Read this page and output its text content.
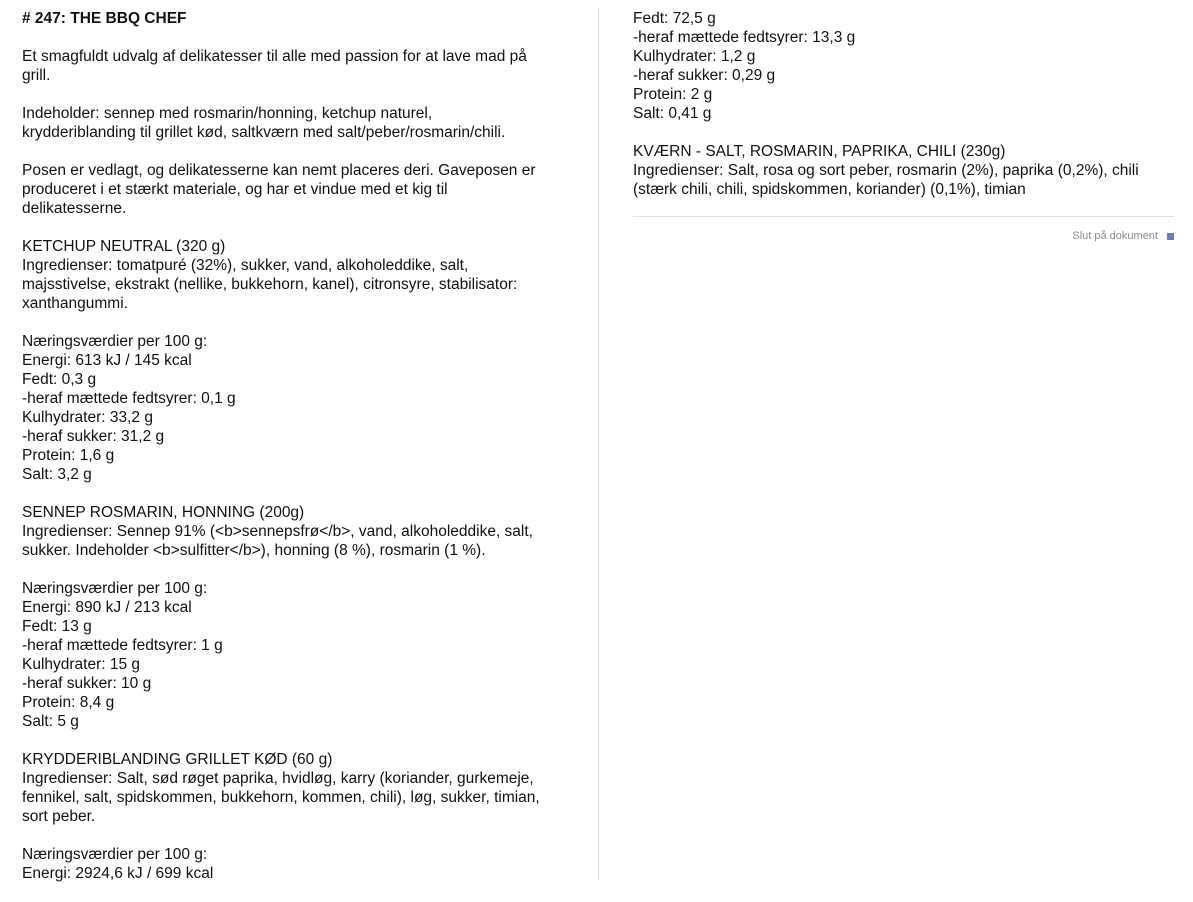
# 247: THE BBQ CHEF
Et smagfuldt udvalg af delikatesser til alle med passion for at lave mad på
grill.
Indeholder: sennep med rosmarin/honning, ketchup naturel,
krydderiblanding til grillet kød, saltkværn med salt/peber/rosmarin/chili.
Posen er vedlagt, og delikatesserne kan nemt placeres deri. Gaveposen er
produceret i et stærkt materiale, og har et vindue med et kig til
delikatesserne.
KETCHUP NEUTRAL (320 g)
Ingredienser: tomatpuré (32%), sukker, vand, alkoholeddike, salt,
majsstivelse, ekstrakt (nellike, bukkehorn, kanel), citronsyre, stabilisator:
xanthangummi.
Næringsværdier per 100 g:
Energi: 613 kJ / 145 kcal
Fedt: 0,3 g
-heraf mættede fedtsyrer: 0,1 g
Kulhydrater: 33,2 g
-heraf sukker: 31,2 g
Protein: 1,6 g
Salt: 3,2 g
SENNEP ROSMARIN, HONNING (200g)
Ingredienser: Sennep 91% (<b>sennepsfrø</b>, vand, alkoholeddike, salt,
sukker. Indeholder <b>sulfitter</b>), honning (8 %), rosmarin (1 %).
Næringsværdier per 100 g:
Energi: 890 kJ / 213 kcal
Fedt: 13 g
-heraf mættede fedtsyrer: 1 g
Kulhydrater: 15 g
-heraf sukker: 10 g
Protein: 8,4 g
Salt: 5 g
KRYDDERIBLANDING GRILLET KØD (60 g)
Ingredienser: Salt, sød røget paprika, hvidløg, karry (koriander, gurkemeje,
fennikel, salt, spidskommen, bukkehorn, kommen, chili), løg, sukker, timian,
sort peber.
Næringsværdier per 100 g:
Energi: 2924,6 kJ / 699 kcal
Fedt: 72,5 g
-heraf mættede fedtsyrer: 13,3 g
Kulhydrater: 1,2 g
-heraf sukker: 0,29 g
Protein: 2 g
Salt: 0,41 g
KVÆRN - SALT, ROSMARIN, PAPRIKA, CHILI (230g)
Ingredienser: Salt, rosa og sort peber, rosmarin (2%), paprika (0,2%), chili
(stærk chili, chili, spidskommen, koriander) (0,1%), timian
Slut på dokument
